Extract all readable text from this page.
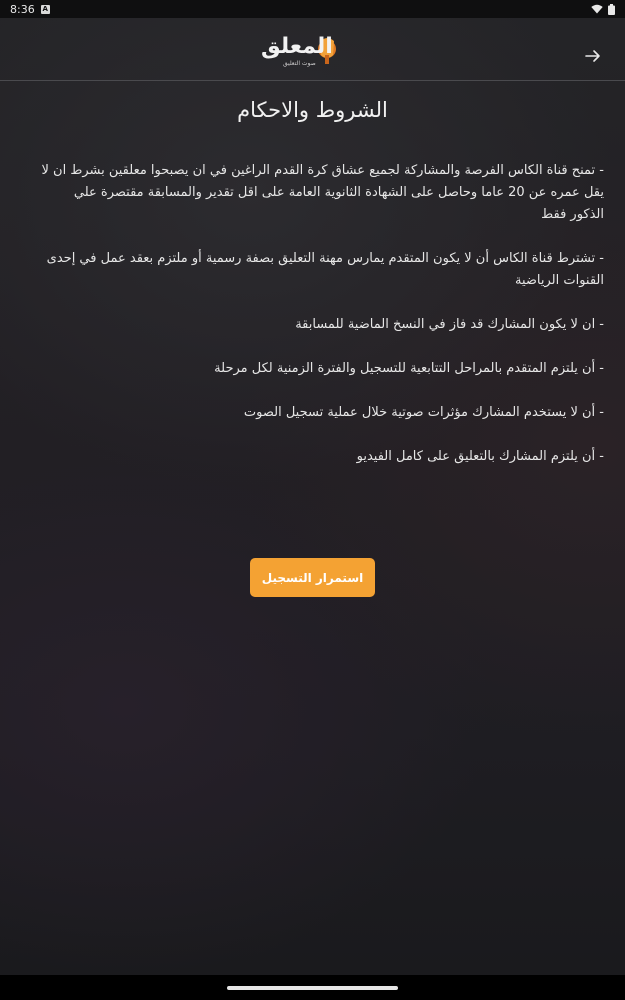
8:36 A
المعلق
صوت التعليق
الشروط والاحكام

- تمنح قناة الكاس الفرصة والمشاركة لجميع عشاق كرة القدم الراغين في ان يصبحوا معلقين بشرط ان لا يقل عمره عن 20 عاما وحاصل على الشهادة الثانوية العامة على اقل تقدير والمسابقة مقتصرة علي الذكور فقط

- تشترط قناة الكاس أن لا يكون المتقدم يمارس مهنة التعليق بصفة رسمية أو ملتزم بعقد عمل في إحدى القنوات الرياضية

- ان لا يكون المشارك قد فاز في النسخ الماضية للمسابقة

- أن يلتزم المتقدم بالمراحل التتابعية للتسجيل والفترة الزمنية لكل مرحلة

- أن لا يستخدم المشارك مؤثرات صوتية خلال عملية تسجيل الصوت

- أن يلتزم المشارك بالتعليق على كامل الفيديو

استمرار التسجيل
